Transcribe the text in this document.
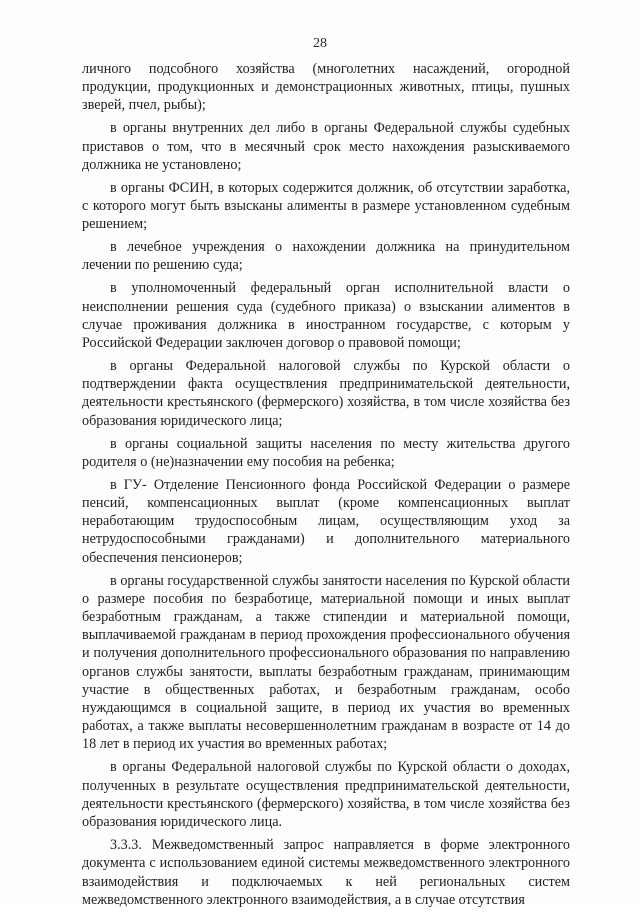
28

личного подсобного хозяйства (многолетних насаждений, огородной продукции, продукционных и демонстрационных животных, птицы, пушных зверей, пчел, рыбы);

в органы внутренних дел либо в органы Федеральной службы судебных приставов о том, что в месячный срок место нахождения разыскиваемого должника не установлено;

в органы ФСИН, в которых содержится должник, об отсутствии заработка, с которого могут быть взысканы алименты в размере установленном судебным решением;

в лечебное учреждения о нахождении должника на принудительном лечении по решению суда;

в уполномоченный федеральный орган исполнительной власти о неисполнении решения суда (судебного приказа) о взыскании алиментов в случае проживания должника в иностранном государстве, с которым у Российской Федерации заключен договор о правовой помощи;

в органы Федеральной налоговой службы по Курской области о подтверждении факта осуществления предпринимательской деятельности, деятельности крестьянского (фермерского) хозяйства, в том числе хозяйства без образования юридического лица;

в органы социальной защиты населения по месту жительства другого родителя о (не)назначении ему пособия на ребенка;

в ГУ- Отделение Пенсионного фонда Российской Федерации о размере пенсий, компенсационных выплат (кроме компенсационных выплат неработающим трудоспособным лицам, осуществляющим уход за нетрудоспособными гражданами) и дополнительного материального обеспечения пенсионеров;

в органы государственной службы занятости населения по Курской области о размере пособия по безработице, материальной помощи и иных выплат безработным гражданам, а также стипендии и материальной помощи, выплачиваемой гражданам в период прохождения профессионального обучения и получения дополнительного профессионального образования по направлению органов службы занятости, выплаты безработным гражданам, принимающим участие в общественных работах, и безработным гражданам, особо нуждающимся в социальной защите, в период их участия во временных работах, а также выплаты несовершеннолетним гражданам в возрасте от 14 до 18 лет в период их участия во временных работах;

в органы Федеральной налоговой службы по Курской области о доходах, полученных в результате осуществления предпринимательской деятельности, деятельности крестьянского (фермерского) хозяйства, в том числе хозяйства без образования юридического лица.

3.3.3. Межведомственный запрос направляется в форме электронного документа с использованием единой системы межведомственного электронного взаимодействия и подключаемых к ней региональных систем межведомственного электронного взаимодействия, а в случае отсутствия
